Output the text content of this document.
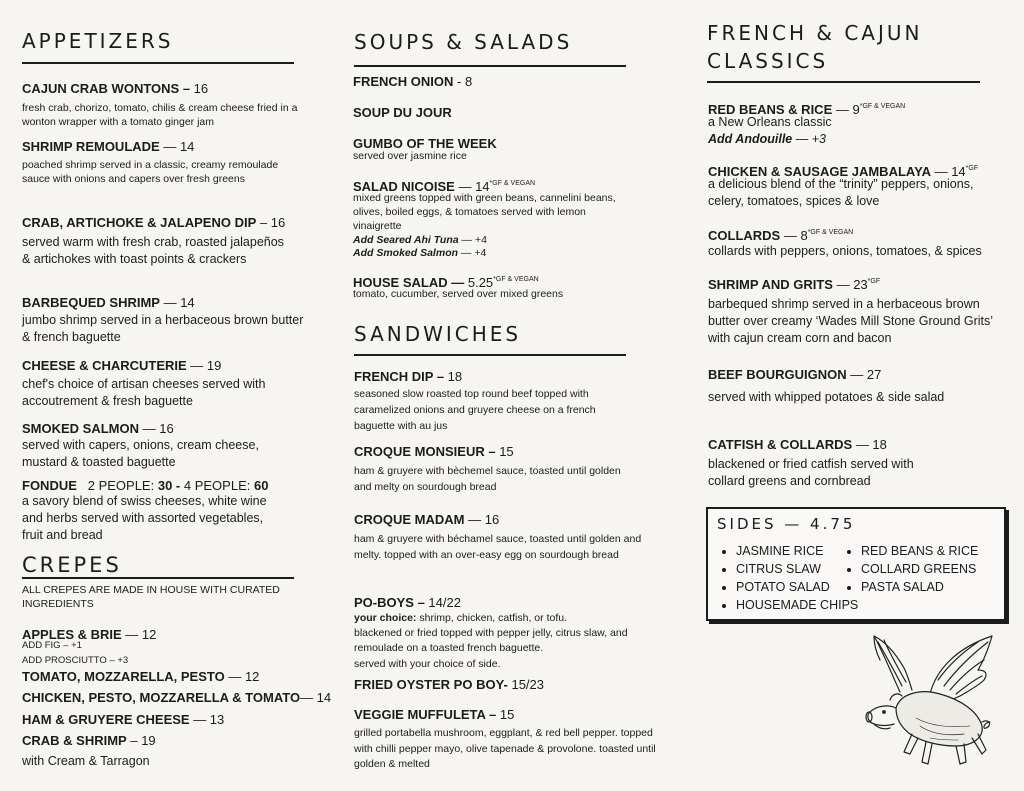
APPETIZERS
CAJUN CRAB WONTONS – 16
fresh crab, chorizo, tomato, chilis & cream cheese fried in a wonton wrapper with a tomato ginger jam
SHRIMP REMOULADE — 14
poached shrimp served in a classic, creamy remoulade sauce with onions and capers over fresh greens
CRAB, ARTICHOKE & JALAPENO DIP – 16
served warm with fresh crab, roasted jalapeños & artichokes with toast points & crackers
BARBEQUED SHRIMP — 14
jumbo shrimp served in a herbaceous brown butter & french baguette
CHEESE & CHARCUTERIE — 19
chef's choice of artisan cheeses served with accoutrement & fresh baguette
SMOKED SALMON — 16
served with capers, onions, cream cheese, mustard & toasted baguette
FONDUE 2 PEOPLE: 30 - 4 PEOPLE: 60
a savory blend of swiss cheeses, white wine and herbs served with assorted vegetables, fruit and bread
CREPES
ALL CREPES ARE MADE IN HOUSE WITH CURATED INGREDIENTS
APPLES & BRIE — 12
ADD FIG – +1
ADD PROSCIUTTO – +3
TOMATO, MOZZARELLA, PESTO — 12
CHICKEN, PESTO, MOZZARELLA & TOMATO— 14
HAM & GRUYERE CHEESE — 13
CRAB & SHRIMP – 19
with Cream & Tarragon
SOUPS & SALADS
FRENCH ONION - 8
SOUP DU JOUR
GUMBO OF THE WEEK
served over jasmine rice
SALAD NICOISE — $14^{*GF \& VEGAN}$
mixed greens topped with green beans, cannelini beans, olives, boiled eggs, & tomatoes served with lemon vinaigrette
Add Seared Ahi Tuna — +4
Add Smoked Salmon — +4
HOUSE SALAD — $5.25^{*GF \& VEGAN}$
tomato, cucumber, served over mixed greens
SANDWICHES
FRENCH DIP – 18
seasoned slow roasted top round beef topped with caramelized onions and gruyere cheese on a french baguette with au jus
CROQUE MONSIEUR – 15
ham & gruyere with bèchemel sauce, toasted until golden and melty on sourdough bread
CROQUE MADAM — 16
ham & gruyere with béchamel sauce, toasted until golden and melty. topped with an over-easy egg on sourdough bread
PO-BOYS – 14/22
your choice: shrimp, chicken, catfish, or tofu.
blackened or fried topped with pepper jelly, citrus slaw, and remoulade on a toasted french baguette.
served with your choice of side.
FRIED OYSTER PO BOY- 15/23
VEGGIE MUFFULETA – 15
grilled portabella mushroom, eggplant, & red bell pepper. topped with chilli pepper mayo, olive tapenade & provolone. toasted until golden & melted
FRENCH & CAJUN
CLASSICS
RED BEANS & RICE — $9^{*GF \& VEGAN}$
a New Orleans classic
Add Andouille — +3
CHICKEN & SAUSAGE JAMBALAYA — $14^{*GF}$
a delicious blend of the “trinity” peppers, onions, celery, tomatoes, spices & love
COLLARDS — $8^{*GF \& VEGAN}$
collards with peppers, onions, tomatoes, & spices
SHRIMP AND GRITS — $23^{*GF}$
barbequed shrimp served in a herbaceous brown butter over creamy ‘Wades Mill Stone Ground Grits’ with cajun cream corn and bacon
BEEF BOURGUIGNON — 27
served with whipped potatoes & side salad
CATFISH & COLLARDS — 18
blackened or fried catfish served with collard greens and cornbread
SIDES — 4.75
• JASMINE RICE
• CITRUS SLAW
• POTATO SALAD
• HOUSEMADE CHIPS
• RED BEANS & RICE
• COLLARD GREENS
• PASTA SALAD
